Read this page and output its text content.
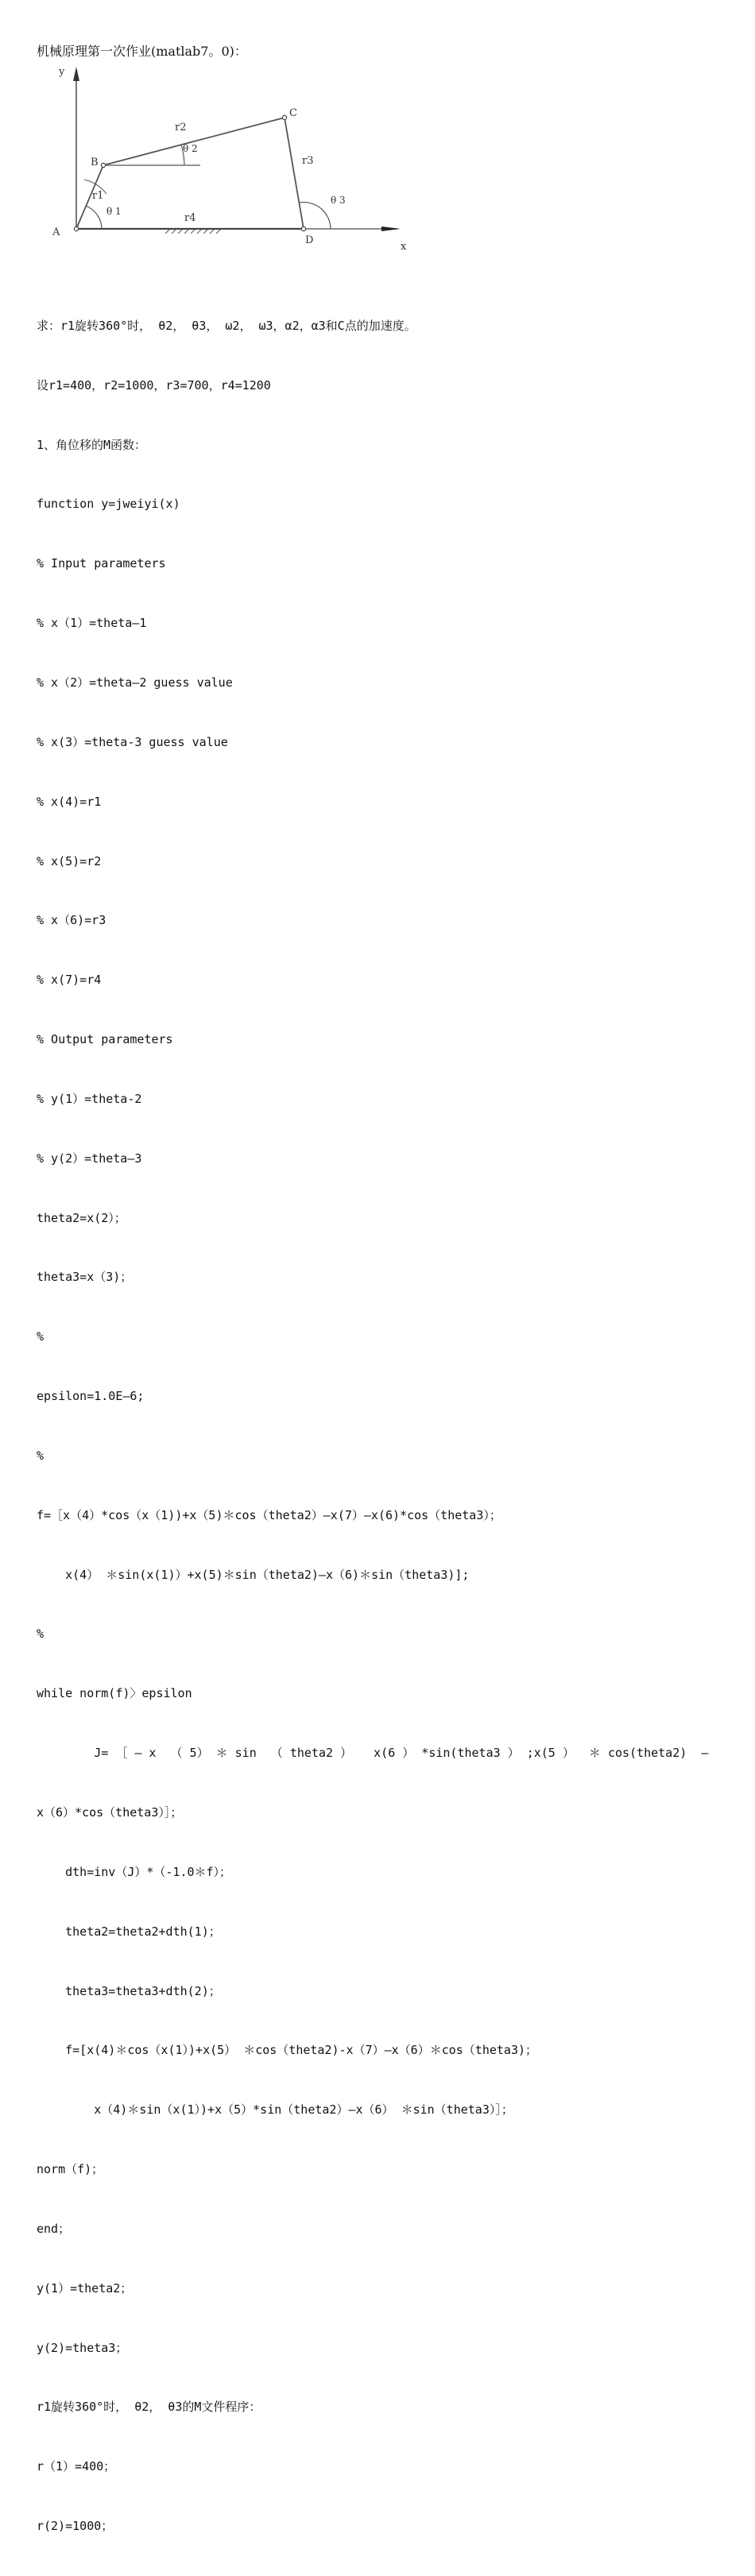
机械原理第一次作业(matlab7。0)：
y
x
A
B
C
D
r1
r2
r3
r4
θ 1
θ 2
θ 3

求：r1旋转360°时， θ2， θ3， ω2， ω3，α2，α3和C点的加速度。

设r1=400，r2=1000，r3=700，r4=1200

1、角位移的M函数：

function y=jweiyi(x)

% Input parameters

% x（1）=theta—1

% x（2）=theta—2 guess value

% x(3）=theta-3 guess value

% x(4)=r1

% x(5)=r2

% x（6)=r3

% x(7)=r4

% Output parameters

% y(1）=theta-2

% y(2）=theta—3

theta2=x(2）；

theta3=x（3)；

%

epsilon=1.0E—6;

%

f=［x（4）*cos（x（1))+x（5)＊cos（theta2）—x(7）—x(6)*cos（theta3）；

x(4） ＊sin(x(1)）+x(5)＊sin（theta2)—x（6)＊sin（theta3)];

%

while norm(f)〉epsilon

J= ［ — x  （ 5） ＊ sin  （ theta2 ）   x(6 ） *sin(theta3 ） ;x(5 ）  ＊ cos(theta2)  —

x（6）*cos（theta3）］；

dth=inv（J）*（-1.0＊f）；

theta2=theta2+dth(1)；

theta3=theta3+dth(2)；

f=[x(4)＊cos（x(1）)+x(5） ＊cos（theta2)-x（7）—x（6）＊cos（theta3)；

x（4)＊sin（x(1）)+x（5）*sin（theta2）—x（6） ＊sin（theta3）］；

norm（f)；

end；

y(1）=theta2；

y(2)=theta3；

r1旋转360°时， θ2， θ3的M文件程序：

r（1）=400；

r(2)=1000；
